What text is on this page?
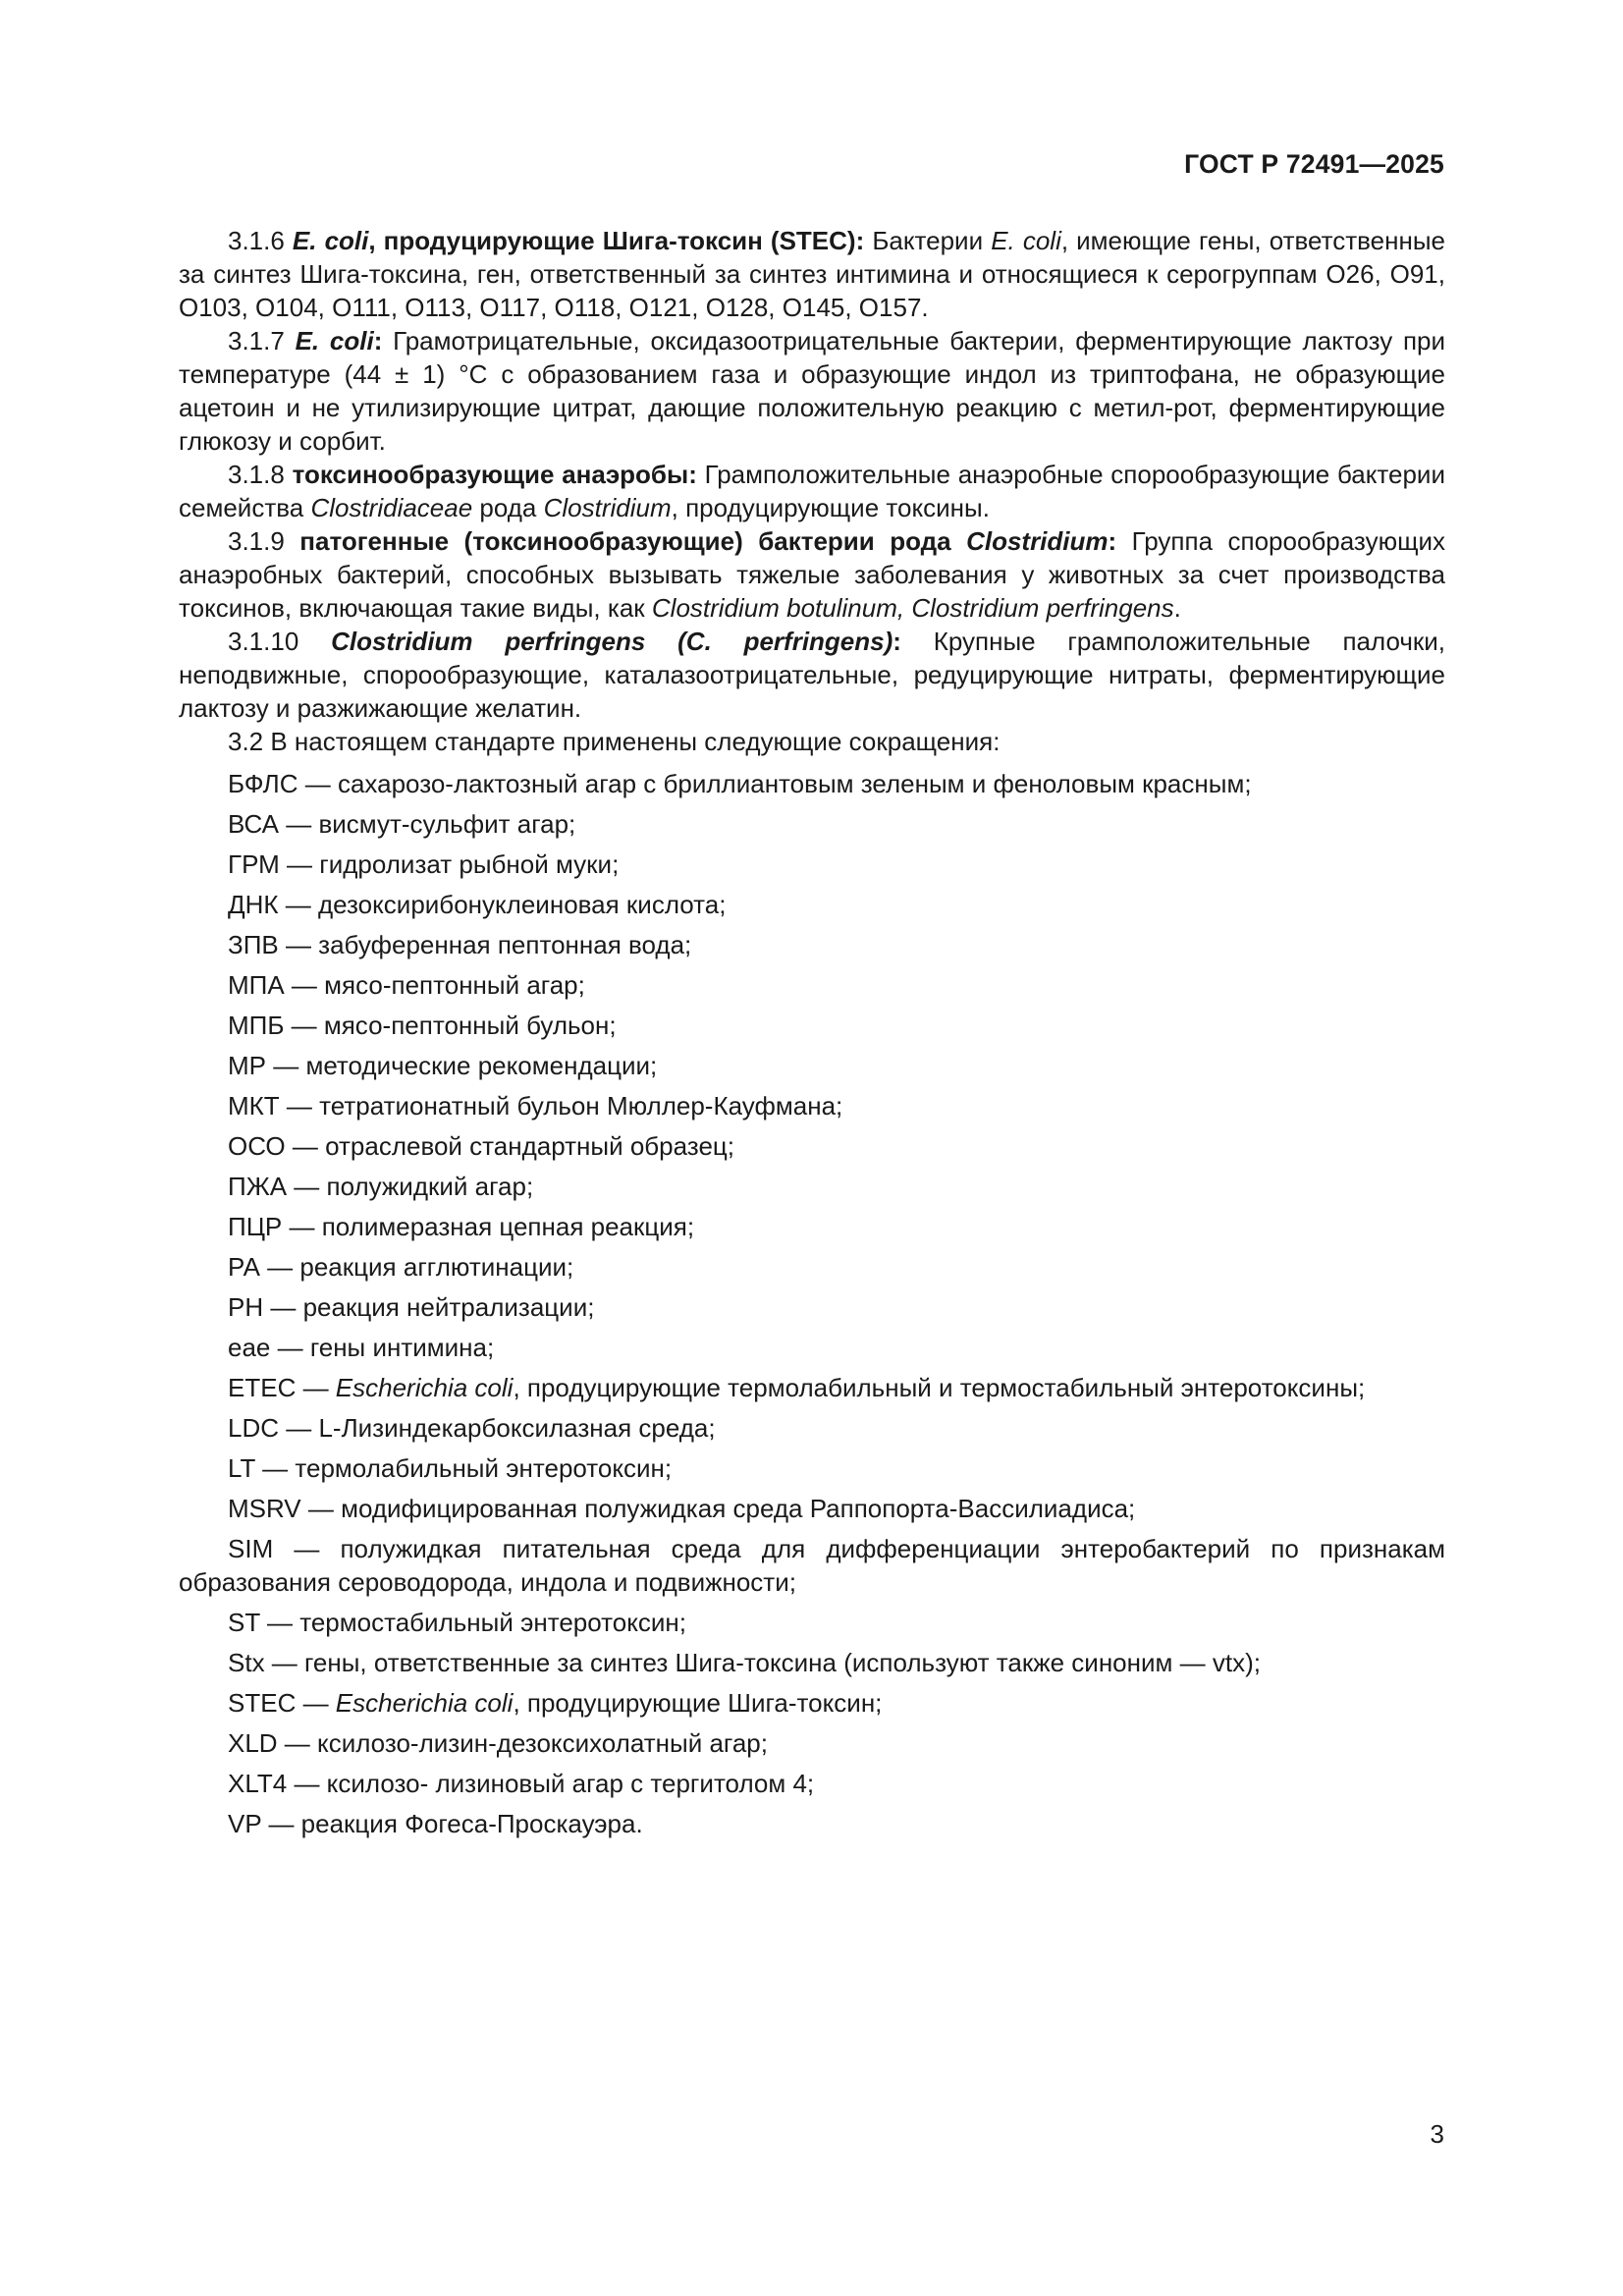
ГОСТ Р 72491—2025

3.1.6 E. coli, продуцирующие Шига-токсин (STEC): Бактерии E. coli, имеющие гены, ответственные за синтез Шига-токсина, ген, ответственный за синтез интимина и относящиеся к серогруппам О26, О91, О103, О104, О111, О113, О117, О118, О121, О128, О145, О157.

3.1.7 E. coli: Грамотрицательные, оксидазоотрицательные бактерии, ферментирующие лактозу при температуре (44 ± 1) °С с образованием газа и образующие индол из триптофана, не образующие ацетоин и не утилизирующие цитрат, дающие положительную реакцию с метил-рот, ферментирующие глюкозу и сорбит.

3.1.8 токсинообразующие анаэробы: Грамположительные анаэробные спорообразующие бактерии семейства Clostridiaceae рода Clostridium, продуцирующие токсины.

3.1.9 патогенные (токсинообразующие) бактерии рода Clostridium: Группа спорообразующих анаэробных бактерий, способных вызывать тяжелые заболевания у животных за счет производства токсинов, включающая такие виды, как Clostridium botulinum, Clostridium perfringens.

3.1.10 Clostridium perfringens (C. perfringens): Крупные грамположительные палочки, неподвижные, спорообразующие, каталазоотрицательные, редуцирующие нитраты, ферментирующие лактозу и разжижающие желатин.

3.2 В настоящем стандарте применены следующие сокращения:

БФЛС — сахарозо-лактозный агар с бриллиантовым зеленым и феноловым красным;

ВСА — висмут-сульфит агар;

ГРМ — гидролизат рыбной муки;

ДНК — дезоксирибонуклеиновая кислота;

ЗПВ — забуференная пептонная вода;

МПА — мясо-пептонный агар;

МПБ — мясо-пептонный бульон;

МР — методические рекомендации;

МКТ — тетратионатный бульон Мюллер-Кауфмана;

ОСО — отраслевой стандартный образец;

ПЖА — полужидкий агар;

ПЦР — полимеразная цепная реакция;

РА — реакция агглютинации;

РН — реакция нейтрализации;

eae — гены интимина;

ETEC — Escherichia coli, продуцирующие термолабильный и термостабильный энтеротоксины;

LDC — L-Лизиндекарбоксилазная среда;

LT — термолабильный энтеротоксин;

MSRV — модифицированная полужидкая среда Раппопорта-Вассилиадиса;

SIM — полужидкая питательная среда для дифференциации энтеробактерий по признакам образования сероводорода, индола и подвижности;

ST — термостабильный энтеротоксин;

Stx — гены, ответственные за синтез Шига-токсина (используют также синоним — vtx);

STEC — Escherichia coli, продуцирующие Шига-токсин;

XLD — ксилозо-лизин-дезоксихолатный агар;

XLT4 — ксилозо- лизиновый агар с тергитолом 4;

VP — реакция Фогеса-Проскауэра.

3
